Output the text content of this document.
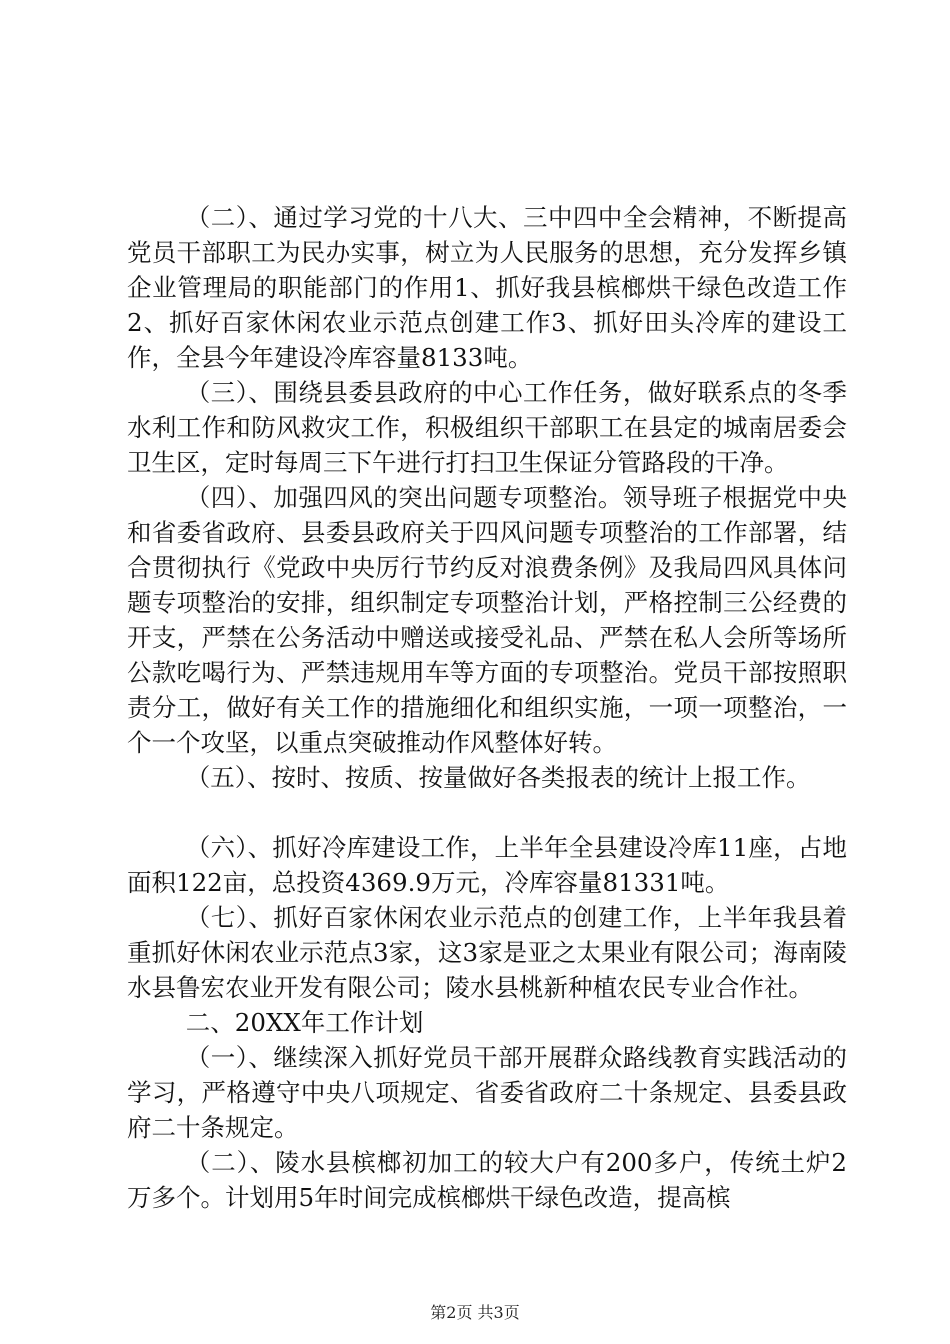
（二）、通过学习党的十八大、三中四中全会精神，不断提高党员干部职工为民办实事，树立为人民服务的思想，充分发挥乡镇企业管理局的职能部门的作用1、抓好我县槟榔烘干绿色改造工作2、抓好百家休闲农业示范点创建工作3、抓好田头冷库的建设工作，全县今年建设冷库容量8133吨。

（三）、围绕县委县政府的中心工作任务，做好联系点的冬季水利工作和防风救灾工作，积极组织干部职工在县定的城南居委会卫生区，定时每周三下午进行打扫卫生保证分管路段的干净。

（四）、加强四风的突出问题专项整治。领导班子根据党中央和省委省政府、县委县政府关于四风问题专项整治的工作部署，结合贯彻执行《党政中央厉行节约反对浪费条例》及我局四风具体问题专项整治的安排，组织制定专项整治计划，严格控制三公经费的开支，严禁在公务活动中赠送或接受礼品、严禁在私人会所等场所公款吃喝行为、严禁违规用车等方面的专项整治。党员干部按照职责分工，做好有关工作的措施细化和组织实施，一项一项整治，一个一个攻坚，以重点突破推动作风整体好转。

（五）、按时、按质、按量做好各类报表的统计上报工作。

（六）、抓好冷库建设工作，上半年全县建设冷库11座，占地面积122亩，总投资4369.9万元，冷库容量81331吨。

（七）、抓好百家休闲农业示范点的创建工作，上半年我县着重抓好休闲农业示范点3家，这3家是亚之太果业有限公司；海南陵水县鲁宏农业开发有限公司；陵水县桃新种植农民专业合作社。

二、20XX年工作计划

（一）、继续深入抓好党员干部开展群众路线教育实践活动的学习，严格遵守中央八项规定、省委省政府二十条规定、县委县政府二十条规定。

（二）、陵水县槟榔初加工的较大户有200多户，传统土炉2万多个。计划用5年时间完成槟榔烘干绿色改造，提高槟

第2页 共3页
